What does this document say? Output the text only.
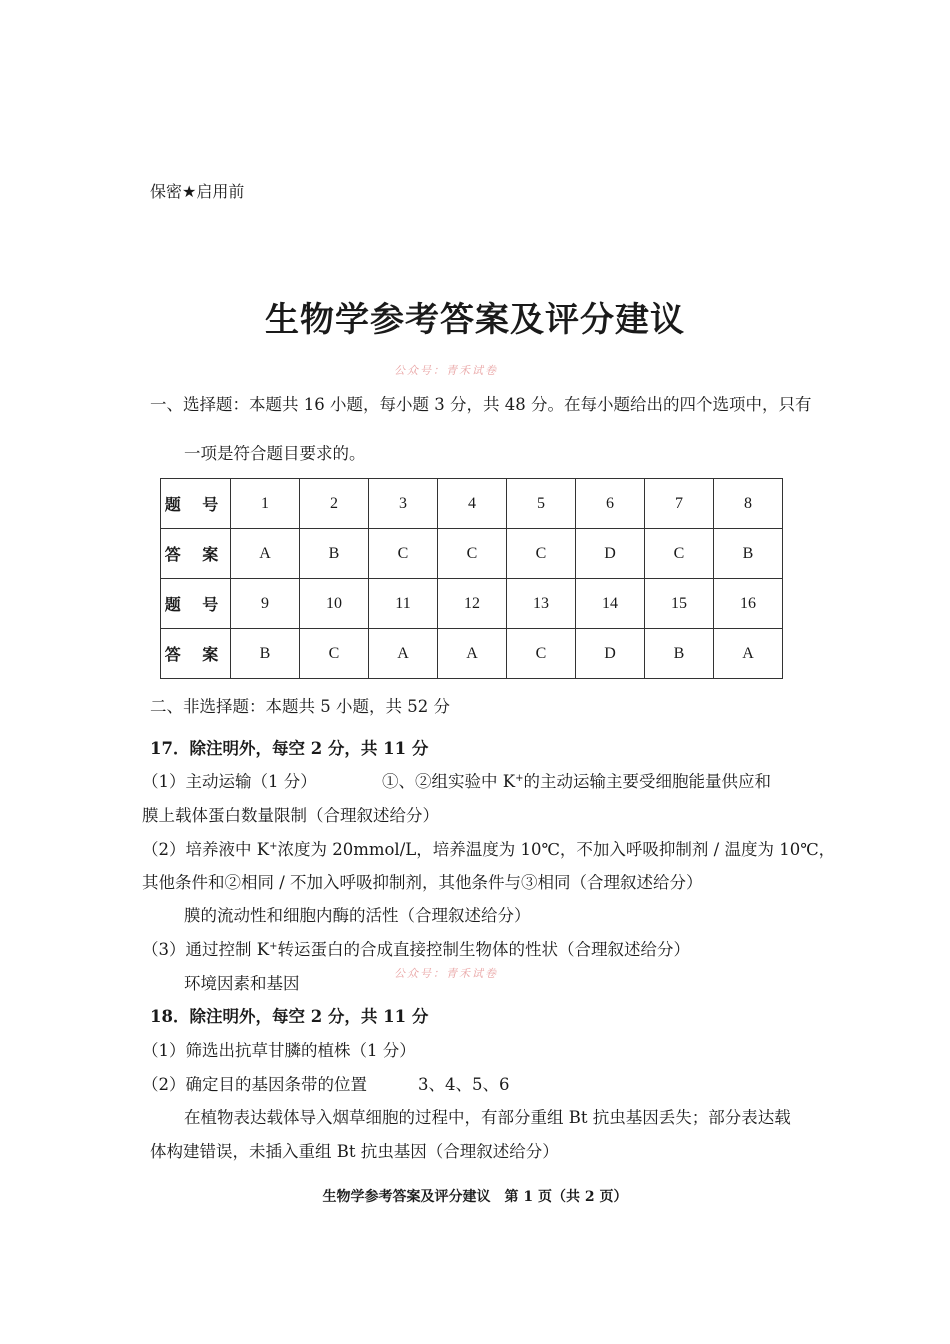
保密★启用前
生物学参考答案及评分建议
公众号：青禾试卷
一、选择题：本题共 16 小题，每小题 3 分，共 48 分。在每小题给出的四个选项中，只有
一项是符合题目要求的。
题 号	1	2	3	4	5	6	7	8
答 案	A	B	C	C	C	D	C	B
题 号	9	10	11	12	13	14	15	16
答 案	B	C	A	A	C	D	B	A
二、非选择题：本题共 5 小题，共 52 分
17．除注明外，每空 2 分，共 11 分
（1）主动运输（1 分）	①、②组实验中 K+的主动运输主要受细胞能量供应和
膜上载体蛋白数量限制（合理叙述给分）
（2）培养液中 K+浓度为 20mmol/L，培养温度为 10℃，不加入呼吸抑制剂 / 温度为 10℃，
其他条件和②相同 / 不加入呼吸抑制剂，其他条件与③相同（合理叙述给分）
膜的流动性和细胞内酶的活性（合理叙述给分）
（3）通过控制 K+转运蛋白的合成直接控制生物体的性状（合理叙述给分）
环境因素和基因
公众号：青禾试卷
18．除注明外，每空 2 分，共 11 分
（1）筛选出抗草甘膦的植株（1 分）
（2）确定目的基因条带的位置	3、4、5、6
在植物表达载体导入烟草细胞的过程中，有部分重组 Bt 抗虫基因丢失；部分表达载
体构建错误，未插入重组 Bt 抗虫基因（合理叙述给分）
生物学参考答案及评分建议　第 1 页（共 2 页）
